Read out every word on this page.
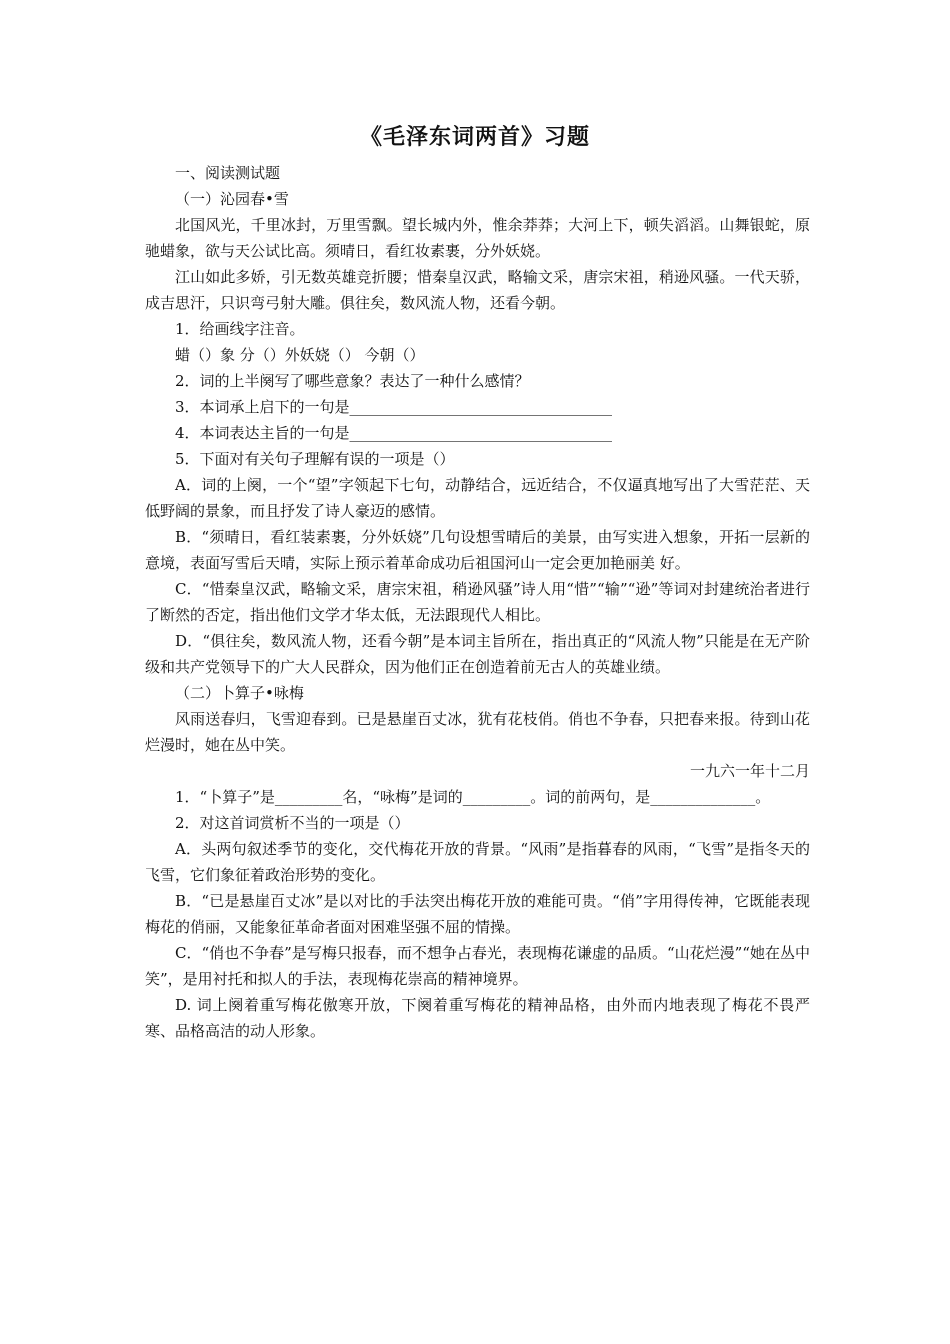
《毛泽东词两首》习题

一、阅读测试题

（一）沁园春•雪

北国风光，千里冰封，万里雪飘。望长城内外，惟余莽莽；大河上下，顿失滔滔。山舞银蛇，原驰蜡象，欲与天公试比高。须晴日，看红妆素裹，分外妖娆。

江山如此多娇，引无数英雄竞折腰；惜秦皇汉武，略输文采，唐宗宋祖，稍逊风骚。一代天骄，成吉思汗，只识弯弓射大雕。俱往矣，数风流人物，还看今朝。

1．给画线字注音。

蜡（）象 分（）外妖娆（） 今朝（）

2．词的上半阕写了哪些意象？表达了一种什么感情？

3．本词承上启下的一句是___________________________________

4．本词表达主旨的一句是___________________________________

5．下面对有关句子理解有误的一项是（）

A．词的上阕，一个“望”字领起下七句，动静结合，远近结合，不仅逼真地写出了大雪茫茫、天低野阔的景象，而且抒发了诗人豪迈的感情。

B．“须晴日，看红装素裹，分外妖娆”几句设想雪晴后的美景，由写实进入想象，开拓一层新的意境，表面写雪后天晴，实际上预示着革命成功后祖国河山一定会更加艳丽美 好。

C．“惜秦皇汉武，略输文采，唐宗宋祖，稍逊风骚”诗人用“惜”“输”“逊”等词对封建统治者进行了断然的否定，指出他们文学才华太低，无法跟现代人相比。

D．“俱往矣，数风流人物，还看今朝”是本词主旨所在，指出真正的“风流人物”只能是在无产阶级和共产党领导下的广大人民群众，因为他们正在创造着前无古人的英雄业绩。

（二）卜算子•咏梅

风雨送春归，飞雪迎春到。已是悬崖百丈冰，犹有花枝俏。俏也不争春，只把春来报。待到山花烂漫时，她在丛中笑。

一九六一年十二月

1．“卜算子”是_________名，“咏梅”是词的_________。词的前两句，是______________。

2．对这首词赏析不当的一项是（）

A．头两句叙述季节的变化，交代梅花开放的背景。“风雨”是指暮春的风雨，“飞雪”是指冬天的飞雪，它们象征着政治形势的变化。

B．“已是悬崖百丈冰”是以对比的手法突出梅花开放的难能可贵。“俏”字用得传神，它既能表现梅花的俏丽，又能象征革命者面对困难坚强不屈的情操。

C．“俏也不争春”是写梅只报春，而不想争占春光，表现梅花谦虚的品质。“山花烂漫”“她在丛中笑”，是用衬托和拟人的手法，表现梅花崇高的精神境界。

D. 词上阕着重写梅花傲寒开放，下阕着重写梅花的精神品格，由外而内地表现了梅花不畏严寒、品格高洁的动人形象。
